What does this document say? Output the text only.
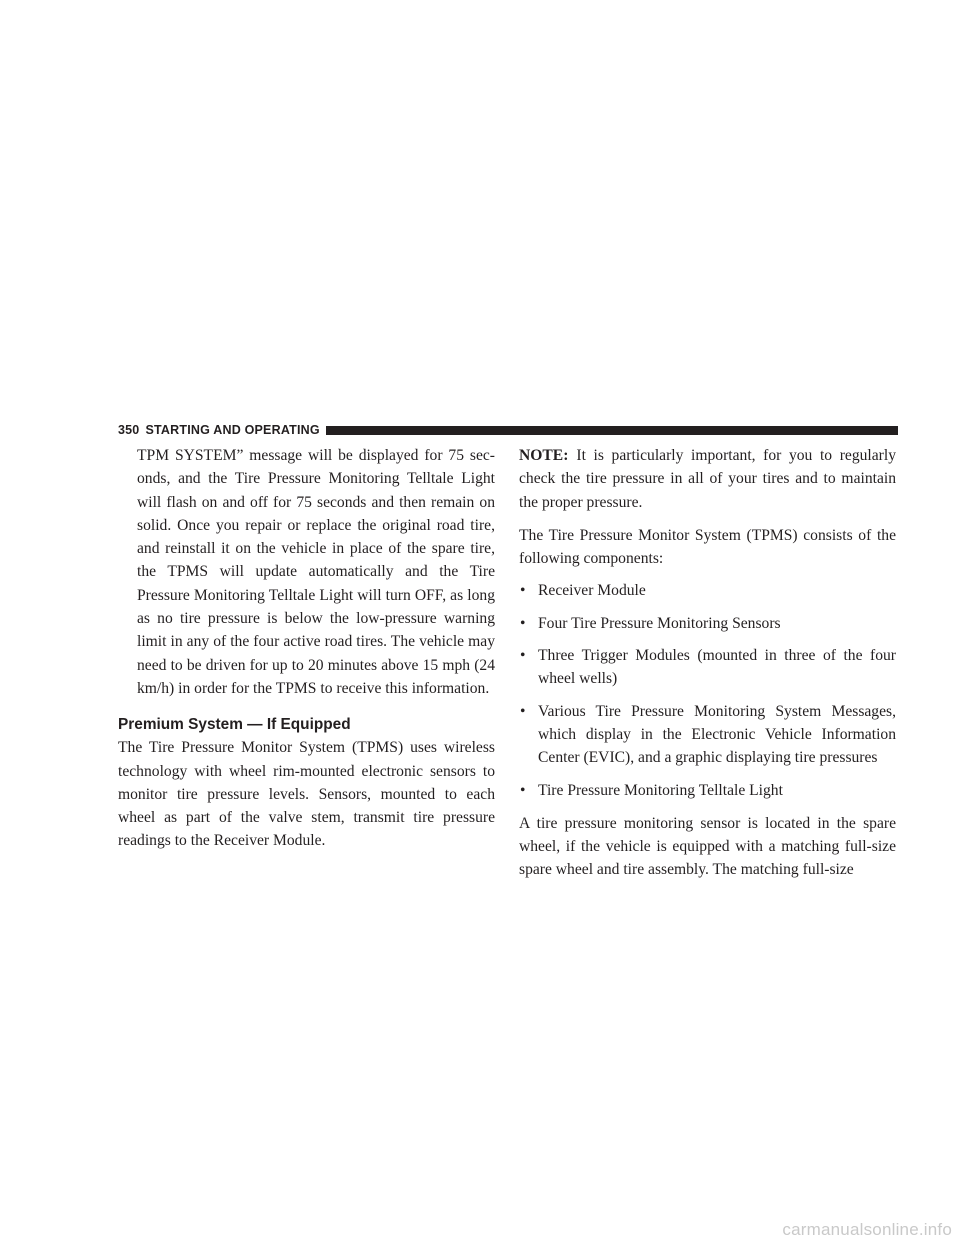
350 STARTING AND OPERATING

TPM SYSTEM” message will be displayed for 75 sec-onds, and the Tire Pressure Monitoring Telltale Light will flash on and off for 75 seconds and then remain on solid. Once you repair or replace the original road tire, and reinstall it on the vehicle in place of the spare tire, the TPMS will update automatically and the Tire Pressure Monitoring Telltale Light will turn OFF, as long as no tire pressure is below the low-pressure warning limit in any of the four active road tires. The vehicle may need to be driven for up to 20 minutes above 15 mph (24 km/h) in order for the TPMS to receive this information.

Premium System — If Equipped

The Tire Pressure Monitor System (TPMS) uses wireless technology with wheel rim-mounted electronic sensors to monitor tire pressure levels. Sensors, mounted to each wheel as part of the valve stem, transmit tire pressure readings to the Receiver Module.

NOTE: It is particularly important, for you to regularly check the tire pressure in all of your tires and to maintain the proper pressure.

The Tire Pressure Monitor System (TPMS) consists of the following components:

• Receiver Module
• Four Tire Pressure Monitoring Sensors
• Three Trigger Modules (mounted in three of the four wheel wells)
• Various Tire Pressure Monitoring System Messages, which display in the Electronic Vehicle Information Center (EVIC), and a graphic displaying tire pressures
• Tire Pressure Monitoring Telltale Light

A tire pressure monitoring sensor is located in the spare wheel, if the vehicle is equipped with a matching full-size spare wheel and tire assembly. The matching full-size

carmanualsonline.info
